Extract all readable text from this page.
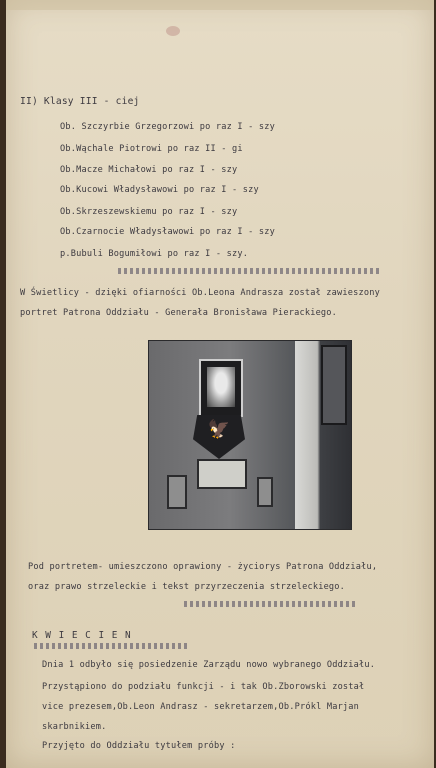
II) Klasy III - ciej
Ob. Szczyrbie Grzegorzowi po raz I - szy
Ob.Wąchale Piotrowi po raz II - gi
Ob.Macze Michałowi po raz I - szy
Ob.Kucowi Władysławowi po raz I - szy
Ob.Skrzeszewskiemu po raz I - szy
Ob.Czarnocie Władysławowi po raz I - szy
p.Bubuli Bogumiłowi po raz I - szy.
W Świetlicy - dzięki ofiarności Ob.Leona Andrasza został zawieszony
portret Patrona Oddziału - Generała Bronisława Pierackiego.
Pod portretem- umieszczono oprawiony - życiorys Patrona Oddziału,
oraz prawo strzeleckie i tekst przyrzeczenia strzeleckiego.
K W I E C I E N
Dnia 1 odbyło się posiedzenie Zarządu nowo wybranego Oddziału.
Przystąpiono do podziału funkcji - i tak Ob.Zborowski został
vice prezesem,Ob.Leon Andrasz - sekretarzem,Ob.Prókl Marjan
skarbnikiem.
Przyjęto do Oddziału tytułem próby :
🦅
